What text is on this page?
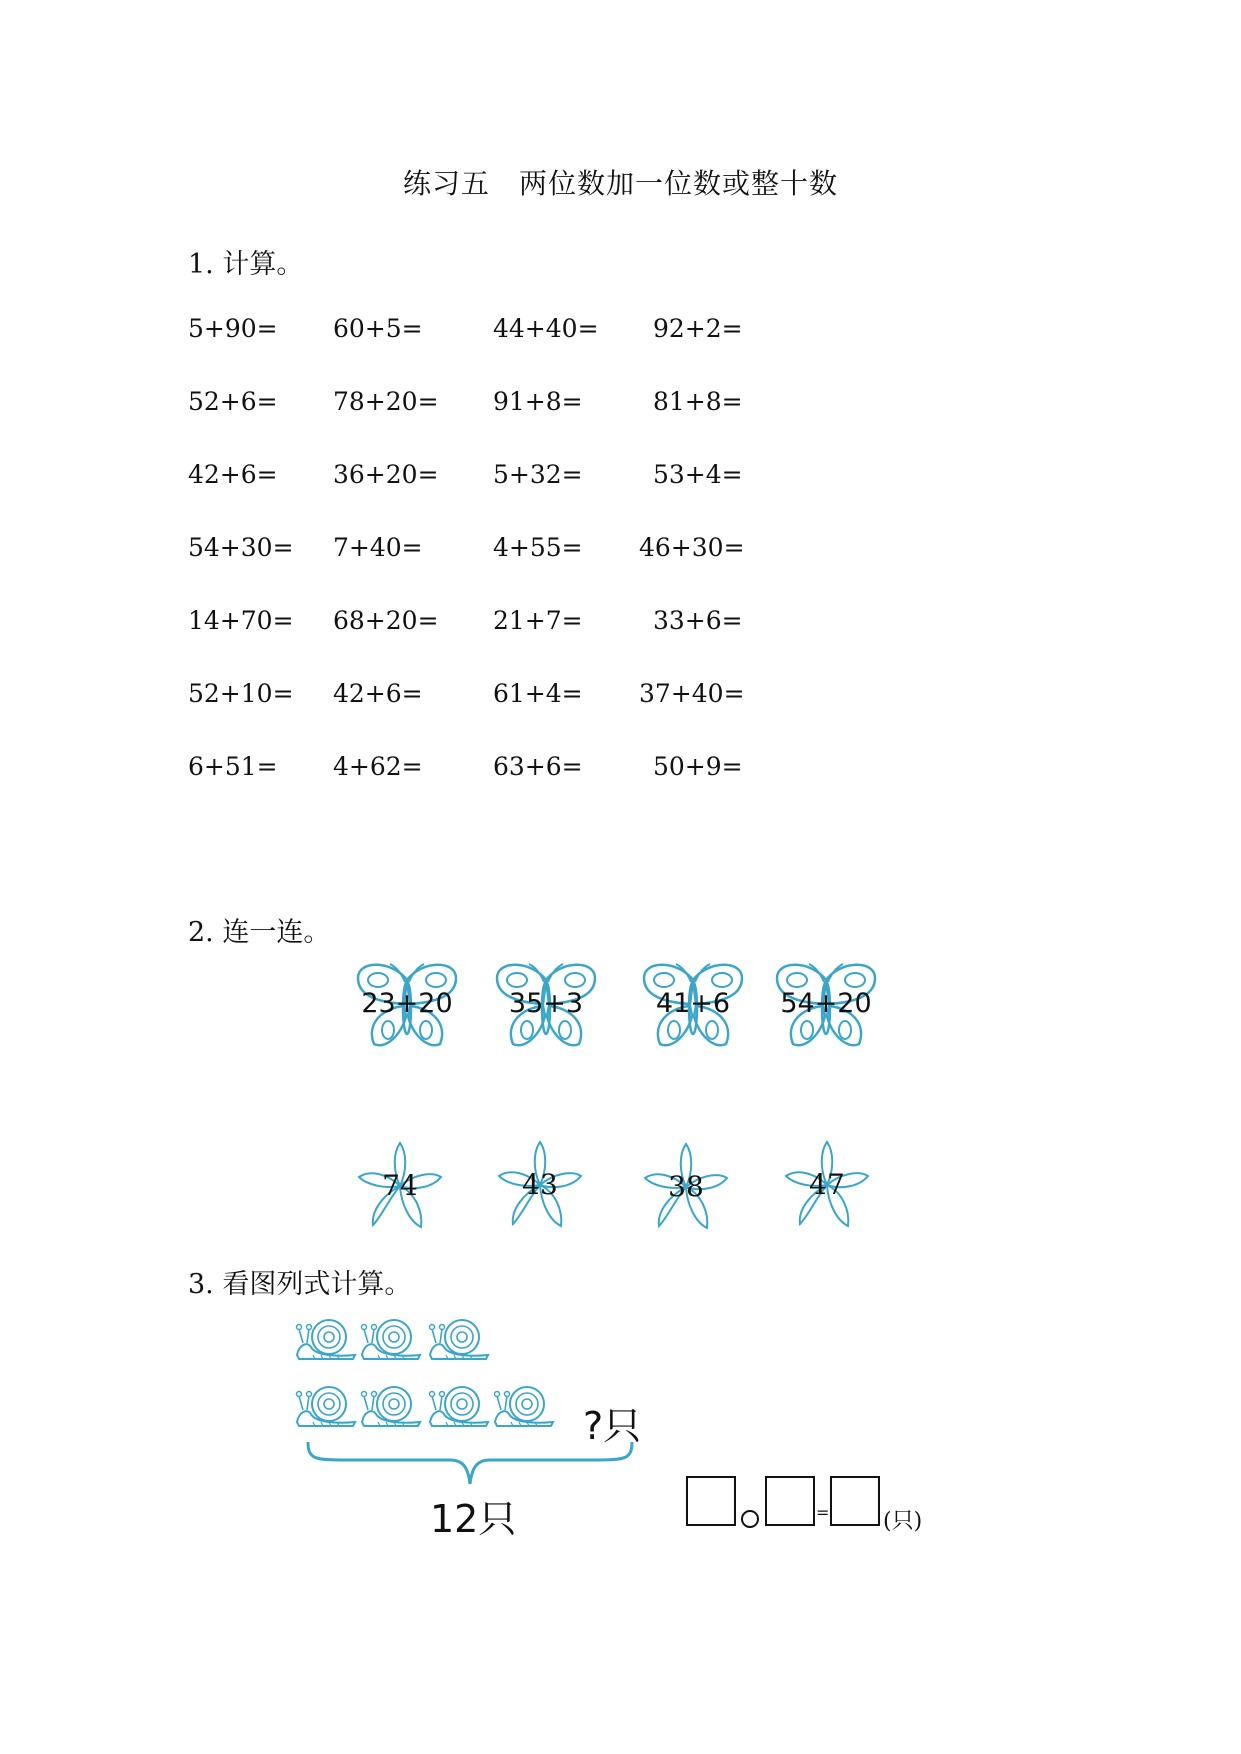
练习五　两位数加一位数或整十数
1. 计算。
5+90= 60+5=	44+40= 92+2=
52+6= 78+20= 91+8=	81+8=
42+6= 36+20= 5+32=	53+4=
54+30= 7+40=	4+55= 46+30=
14+70= 68+20= 21+7=	33+6=
52+10= 42+6=	61+4= 37+40=
6+51= 4+62=	63+6=	50+9=
2. 连一连。
23+20	35+3	41+6	54+20
74	43	38	47
3. 看图列式计算。
?只
12只	= (只)
